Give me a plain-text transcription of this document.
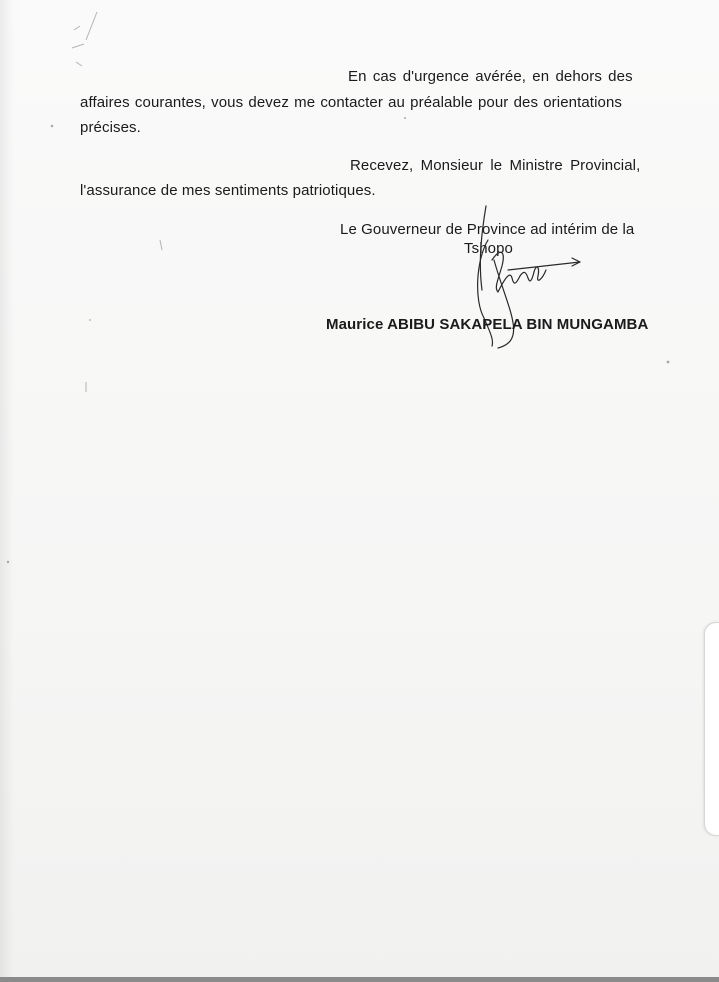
En cas d'urgence avérée, en dehors des
affaires courantes, vous devez me contacter au préalable pour des orientations
précises.
Recevez, Monsieur le Ministre Provincial,
l'assurance de mes sentiments patriotiques.
Le Gouverneur de Province ad intérim de la
Tshopo
Maurice ABIBU SAKAPELA BIN MUNGAMBA
